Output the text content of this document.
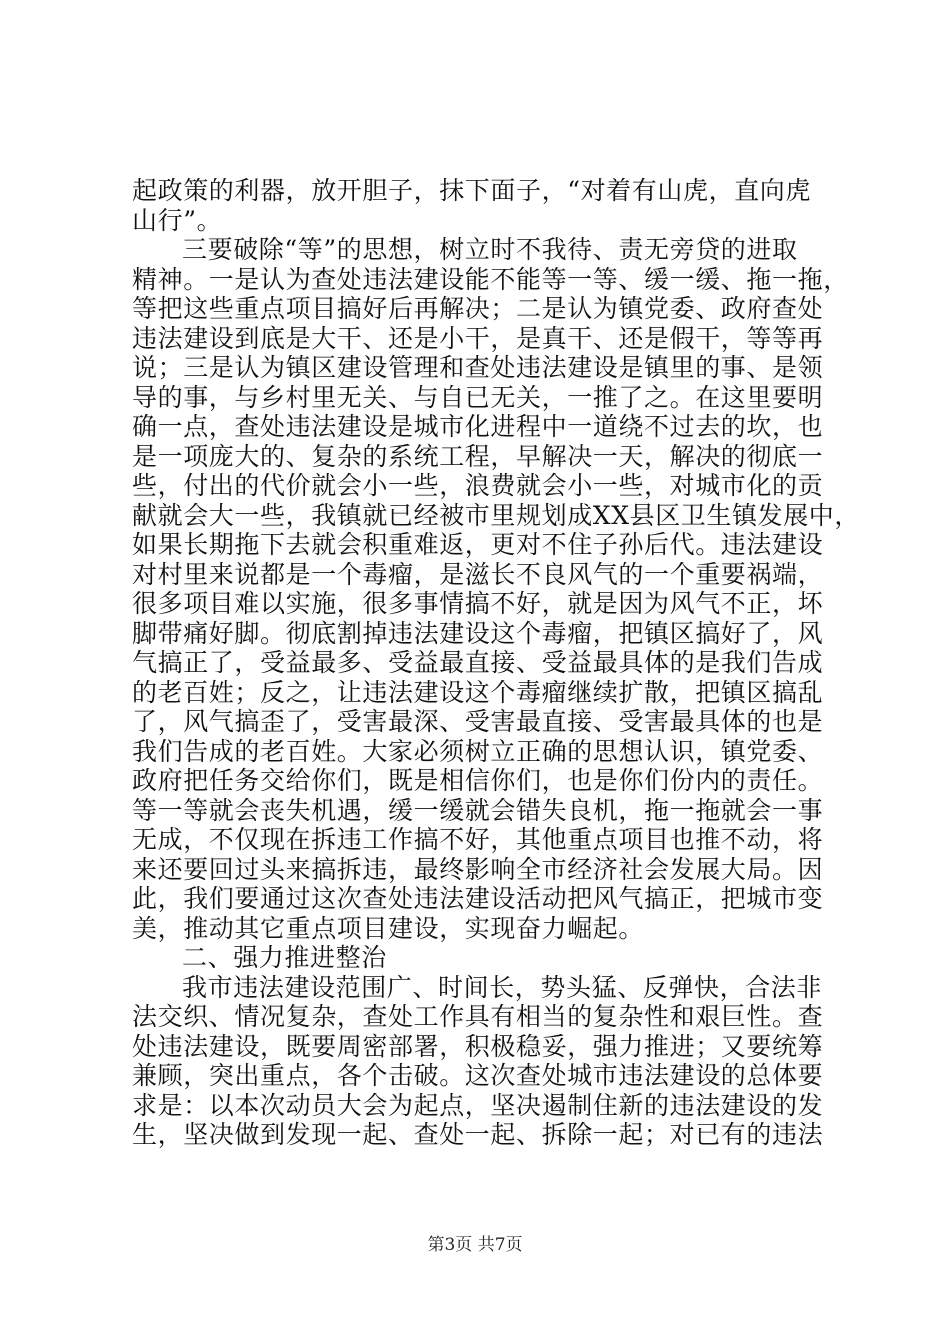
起政策的利器，放开胆子，抹下面子，“对着有山虎，直向虎
山行”。
三要破除“等”的思想，树立时不我待、责无旁贷的进取
精神。一是认为查处违法建设能不能等一等、缓一缓、拖一拖，
等把这些重点项目搞好后再解决；二是认为镇党委、政府查处
违法建设到底是大干、还是小干，是真干、还是假干，等等再
说；三是认为镇区建设管理和查处违法建设是镇里的事、是领
导的事，与乡村里无关、与自已无关，一推了之。在这里要明
确一点，查处违法建设是城市化进程中一道绕不过去的坎，也
是一项庞大的、复杂的系统工程，早解决一天，解决的彻底一
些，付出的代价就会小一些，浪费就会小一些，对城市化的贡
献就会大一些，我镇就已经被市里规划成XX县区卫生镇发展中，
如果长期拖下去就会积重难返，更对不住子孙后代。违法建设
对村里来说都是一个毒瘤，是滋长不良风气的一个重要祸端，
很多项目难以实施，很多事情搞不好，就是因为风气不正，坏
脚带痛好脚。彻底割掉违法建设这个毒瘤，把镇区搞好了，风
气搞正了，受益最多、受益最直接、受益最具体的是我们告成
的老百姓；反之，让违法建设这个毒瘤继续扩散，把镇区搞乱
了，风气搞歪了，受害最深、受害最直接、受害最具体的也是
我们告成的老百姓。大家必须树立正确的思想认识，镇党委、
政府把任务交给你们，既是相信你们，也是你们份内的责任。
等一等就会丧失机遇，缓一缓就会错失良机，拖一拖就会一事
无成，不仅现在拆违工作搞不好，其他重点项目也推不动，将
来还要回过头来搞拆违，最终影响全市经济社会发展大局。因
此，我们要通过这次查处违法建设活动把风气搞正，把城市变
美，推动其它重点项目建设，实现奋力崛起。
二、强力推进整治
我市违法建设范围广、时间长，势头猛、反弹快，合法非
法交织、情况复杂，查处工作具有相当的复杂性和艰巨性。查
处违法建设，既要周密部署，积极稳妥，强力推进；又要统筹
兼顾，突出重点，各个击破。这次查处城市违法建设的总体要
求是：以本次动员大会为起点，坚决遏制住新的违法建设的发
生，坚决做到发现一起、查处一起、拆除一起；对已有的违法
第3页 共7页
